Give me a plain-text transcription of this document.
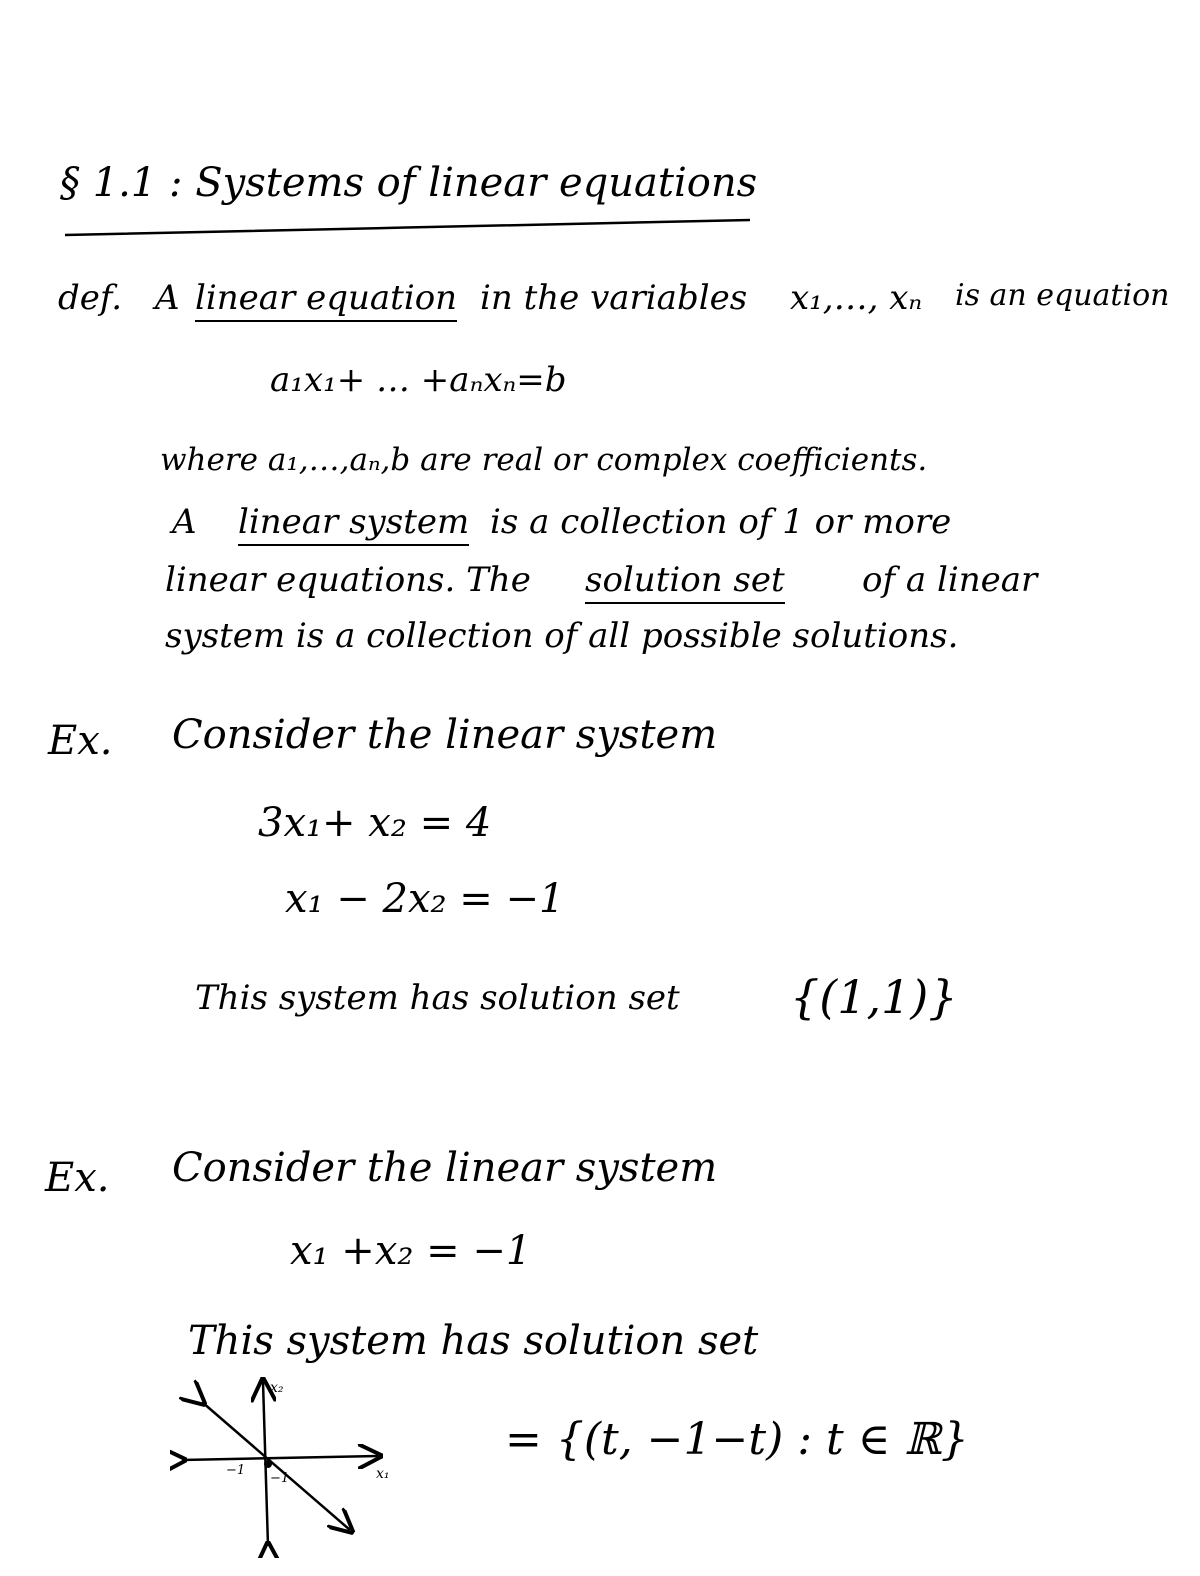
§ 1.1 : Systems of linear equations
def. A linear equation in the variables x₁,…, xₙ is an equation
a₁x₁+ … +aₙxₙ=b
where a₁,…,aₙ,b are real or complex coefficients.
A linear system is a collection of 1 or more
linear equations. The solution set of a linear
system is a collection of all possible solutions.
Ex. Consider the linear system
3x₁+ x₂ = 4
x₁ − 2x₂ = −1
This system has solution set {(1,1)}
Ex. Consider the linear system
x₁ +x₂ = −1
This system has solution set
= {(t, −1−t) : t ∈ ℝ}
x₂
x₁
−1
−1
